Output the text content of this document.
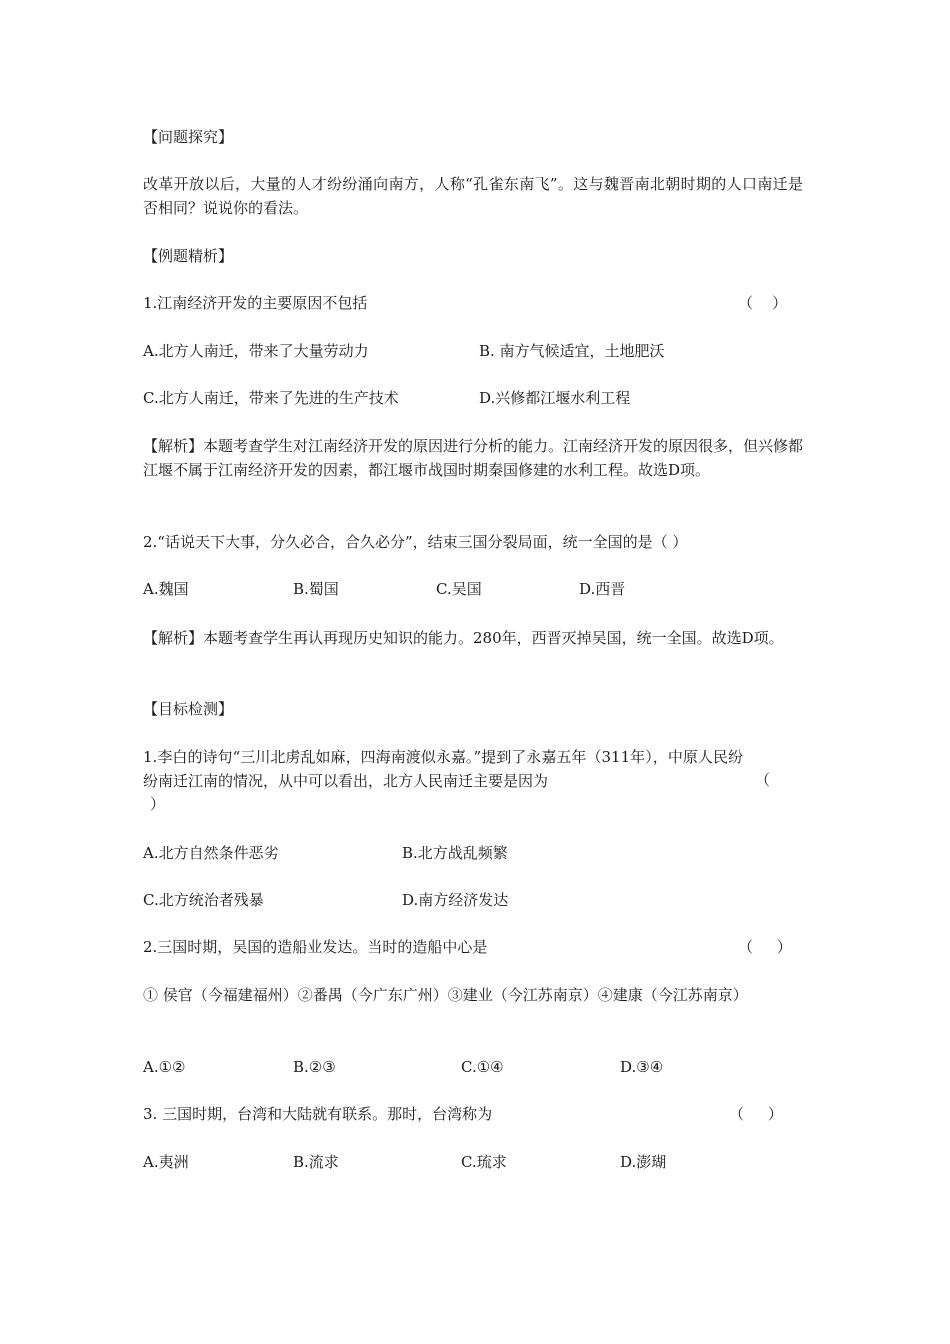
【问题探究】
改革开放以后，大量的人才纷纷涌向南方，人称“孔雀东南飞”。这与魏晋南北朝时期的人口南迁是否相同？说说你的看法。
【例题精析】
1.江南经济开发的主要原因不包括	（    ）
A.北方人南迁，带来了大量劳动力	B. 南方气候适宜，土地肥沃
C.北方人南迁，带来了先进的生产技术	D.兴修都江堰水利工程
【解析】本题考查学生对江南经济开发的原因进行分析的能力。江南经济开发的原因很多，但兴修都江堰不属于江南经济开发的因素，都江堰市战国时期秦国修建的水利工程。故选D项。
2.“话说天下大事，分久必合，合久必分”，结束三国分裂局面，统一全国的是（ ）
A.魏国	B.蜀国	C.吴国	D.西晋
【解析】本题考查学生再认再现历史知识的能力。280年，西晋灭掉吴国，统一全国。故选D项。
【目标检测】
1.李白的诗句“三川北虏乱如麻，四海南渡似永嘉。”提到了永嘉五年（311年），中原人民纷纷南迁江南的情况，从中可以看出，北方人民南迁主要是因为	（
）
A.北方自然条件恶劣	B.北方战乱频繁
C.北方统治者残暴	D.南方经济发达
2.三国时期，吴国的造船业发达。当时的造船中心是	（     ）
① 侯官（今福建福州）②番禺（今广东广州）③建业（今江苏南京）④建康（今江苏南京）
A.①②	B.②③	C.①④	D.③④
3. 三国时期，台湾和大陆就有联系。那时，台湾称为	（     ）
A.夷洲	B.流求	C.琉求	D.澎瑚
